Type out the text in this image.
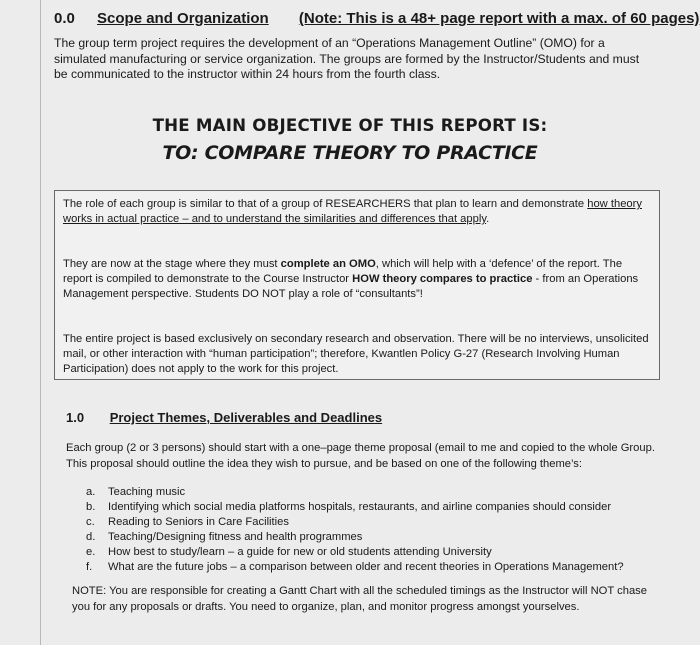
0.0 Scope and Organization (Note: This is a 48+ page report with a max. of 60 pages)
The group term project requires the development of an “Operations Management Outline” (OMO) for a simulated manufacturing or service organization. The groups are formed by the Instructor/Students and must be communicated to the instructor within 24 hours from the fourth class.
THE MAIN OBJECTIVE OF THIS REPORT IS:
TO: COMPARE THEORY TO PRACTICE

The role of each group is similar to that of a group of RESEARCHERS that plan to learn and demonstrate how theory works in actual practice – and to understand the similarities and differences that apply.

They are now at the stage where they must complete an OMO, which will help with a ‘defence’ of the report. The report is compiled to demonstrate to the Course Instructor HOW theory compares to practice - from an Operations Management perspective. Students DO NOT play a role of “consultants”!

The entire project is based exclusively on secondary research and observation. There will be no interviews, unsolicited mail, or other interaction with “human participation”; therefore, Kwantlen Policy G-27 (Research Involving Human Participation) does not apply to the work for this project.

1.0 Project Themes, Deliverables and Deadlines
Each group (2 or 3 persons) should start with a one–page theme proposal (email to me and copied to the whole Group. This proposal should outline the idea they wish to pursue, and be based on one of the following theme’s:
a. Teaching music
b. Identifying which social media platforms hospitals, restaurants, and airline companies should consider
c. Reading to Seniors in Care Facilities
d. Teaching/Designing fitness and health programmes
e. How best to study/learn – a guide for new or old students attending University
f. What are the future jobs – a comparison between older and recent theories in Operations Management?
NOTE: You are responsible for creating a Gantt Chart with all the scheduled timings as the Instructor will NOT chase you for any proposals or drafts. You need to organize, plan, and monitor progress amongst yourselves.
